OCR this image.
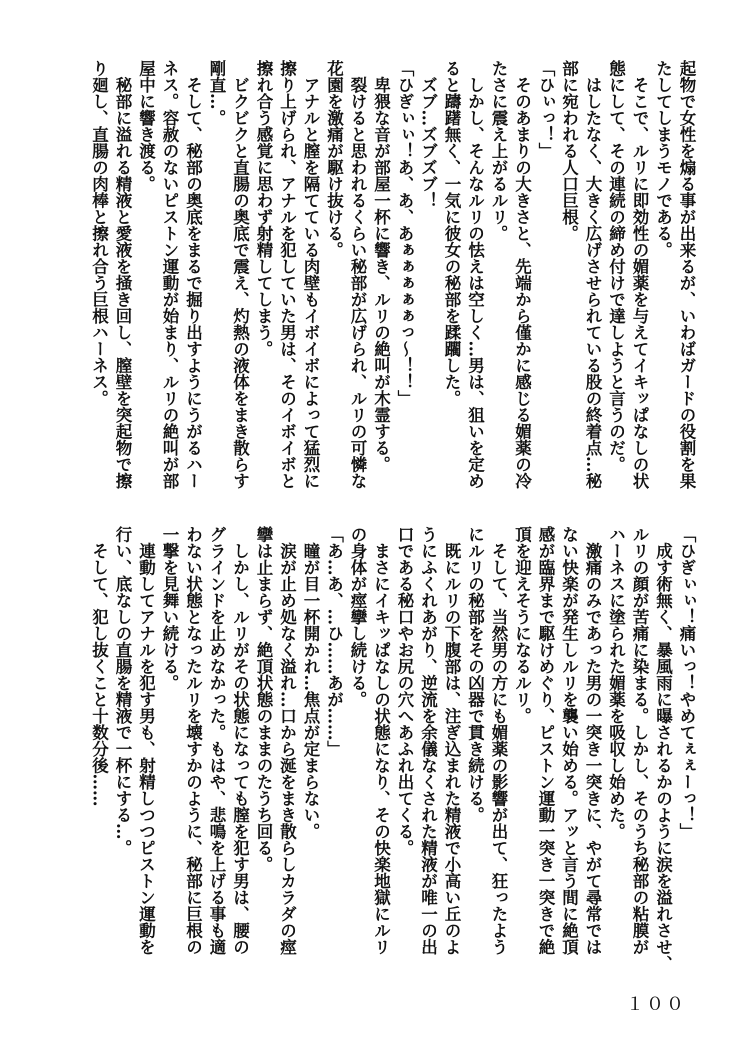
起物で女性を煽る事が出来るが、いわばガードの役割を果
たしてしまうモノである。
　そこで、ルリに即効性の媚薬を与えてイキッぱなしの状
態にして、その連続の締め付けで達しようと言うのだ。
　はしたなく、大きく広げさせられている股の終着点…秘
部に宛われる人口巨根。
「ひぃっ！」
　そのあまりの大きさと、先端から僅かに感じる媚薬の冷
たさに震え上がるルリ。
　しかし、そんなルリの怯えは空しく…男は、狙いを定め
ると躊躇無く、一気に彼女の秘部を蹂躙した。
　ズブ…ズブズブ！
「ひぎぃぃ！あ、あ、あぁぁぁぁぁっ～！！」
　卑猥な音が部屋一杯に響き、ルリの絶叫が木霊する。
　裂けると思われるくらい秘部が広げられ、ルリの可憐な
花園を激痛が駆け抜ける。
　アナルと膣を隔てている肉壁もイボイボによって猛烈に
擦り上げられ、アナルを犯していた男は、そのイボイボと
擦れ合う感覚に思わず射精してしまう。
　ビクビクと直腸の奥底で震え、灼熱の液体をまき散らす
剛直…。
　そして、秘部の奥底をまるで掘り出すようにうがるハー
ネス。容赦のないピストン運動が始まり、ルリの絶叫が部
屋中に響き渡る。
　秘部に溢れる精液と愛液を掻き回し、膣壁を突起物で擦
り廻し、直腸の肉棒と擦れ合う巨根ハーネス。
「ひぎぃぃ！痛いっ！やめてぇぇーっ！」
　成す術無く、暴風雨に曝されるかのように涙を溢れさせ、
ルリの顔が苦痛に染まる。しかし、そのうち秘部の粘膜が
ハーネスに塗られた媚薬を吸収し始めた。
　激痛のみであった男の一突き一突きに、やがて尋常では
ない快楽が発生しルリを襲い始める。アッと言う間に絶頂
感が臨界まで駆けめぐり、ピストン運動一突き一突きで絶
頂を迎えそうになるルリ。
　そして、当然男の方にも媚薬の影響が出て、狂ったよう
にルリの秘部をその凶器で貫き続ける。
　既にルリの下腹部は、注ぎ込まれた精液で小高い丘のよ
うにふくれあがり、逆流を余儀なくされた精液が唯一の出
口である秘口やお尻の穴へあふれ出てくる。
　まさにイキッぱなしの状態になり、その快楽地獄にルリ
の身体が痙攣し続ける。
「あ…あ、…ひ……あが……」
　瞳が目一杯開かれ…焦点が定まらない。
　涙が止め処なく溢れ…口から涎をまき散らしカラダの痙
攣は止まらず、絶頂状態のままのたうち回る。
　しかし、ルリがその状態になっても膣を犯す男は、腰の
グラインドを止めなかった。もはや、悲鳴を上げる事も適
わない状態となったルリを壊すかのように、秘部に巨根の
一撃を見舞い続ける。
　連動してアナルを犯す男も、射精しつつピストン運動を
行い、底なしの直腸を精液で一杯にする…。
　そして、犯し抜くこと十数分後……
１００
